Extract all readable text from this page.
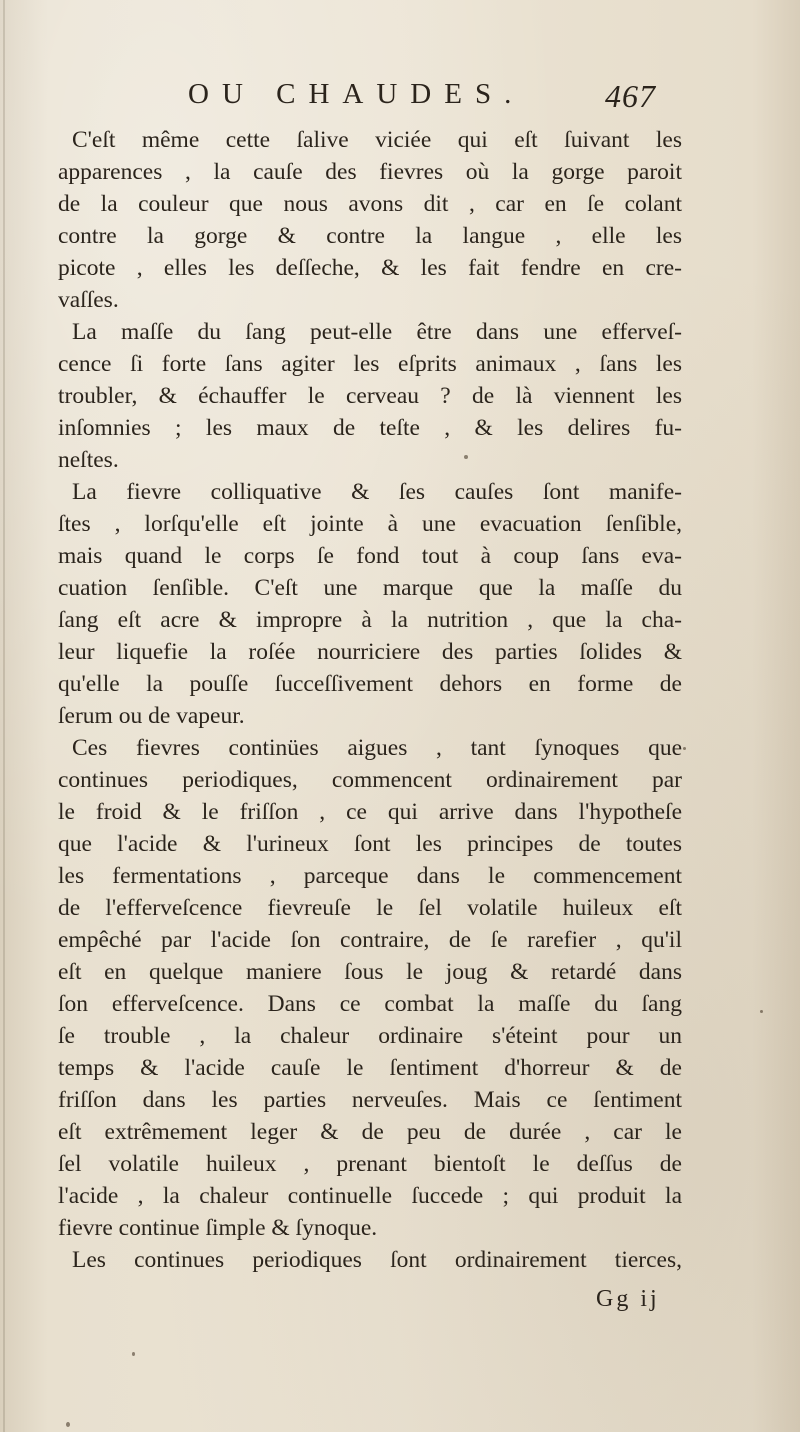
OU CHAUDES.	467
C'eſt même cette ſalive viciée qui eſt ſuivant les
apparences , la cauſe des fievres où la gorge paroit
de la couleur que nous avons dit , car en ſe colant
contre la gorge & contre la langue , elle les
picote , elles les deſſeche, & les fait fendre en cre-
vaſſes.
La maſſe du ſang peut-elle être dans une efferveſ-
cence ſi forte ſans agiter les eſprits animaux , ſans les
troubler, & échauffer le cerveau ? de là viennent les
inſomnies ; les maux de teſte , & les delires fu-
neſtes.
La fievre colliquative & ſes cauſes ſont manife-
ſtes , lorſqu'elle eſt jointe à une evacuation ſenſible,
mais quand le corps ſe fond tout à coup ſans eva-
cuation ſenſible. C'eſt une marque que la maſſe du
ſang eſt acre & impropre à la nutrition , que la cha-
leur liquefie la roſée nourriciere des parties ſolides &
qu'elle la pouſſe ſucceſſivement dehors en forme de
ſerum ou de vapeur.
Ces fievres continües aigues , tant ſynoques que
continues periodiques, commencent ordinairement par
le froid & le friſſon , ce qui arrive dans l'hypotheſe
que l'acide & l'urineux ſont les principes de toutes
les fermentations , parceque dans le commencement
de l'efferveſcence fievreuſe le ſel volatile huileux eſt
empêché par l'acide ſon contraire, de ſe rarefier , qu'il
eſt en quelque maniere ſous le joug & retardé dans
ſon efferveſcence. Dans ce combat la maſſe du ſang
ſe trouble , la chaleur ordinaire s'éteint pour un
temps & l'acide cauſe le ſentiment d'horreur & de
friſſon dans les parties nerveuſes. Mais ce ſentiment
eſt extrêmement leger & de peu de durée , car le
ſel volatile huileux , prenant bientoſt le deſſus de
l'acide , la chaleur continuelle ſuccede ; qui produit la
fievre continue ſimple & ſynoque.
Les continues periodiques ſont ordinairement tierces,
Gg ij
